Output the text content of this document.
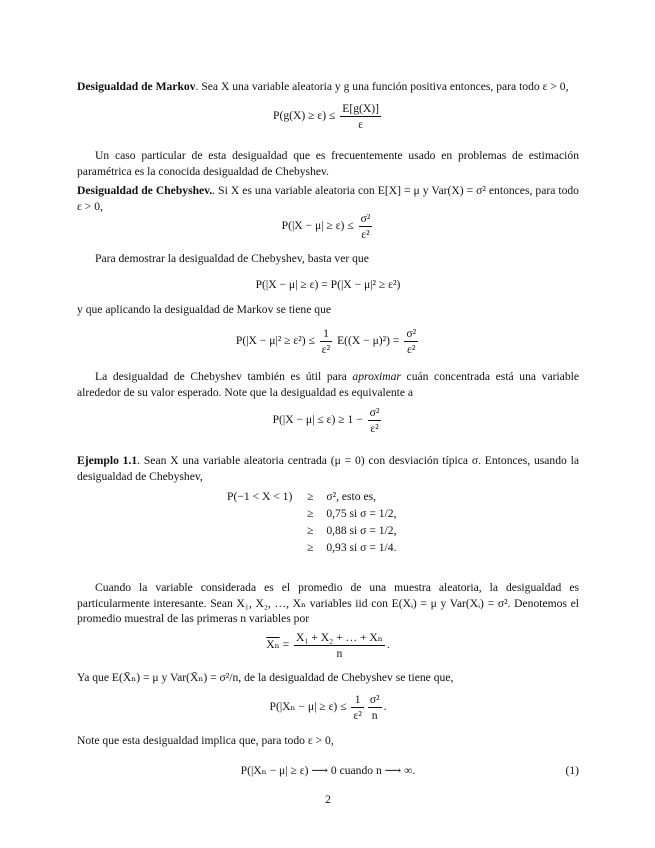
Desigualdad de Markov. Sea X una variable aleatoria y g una función positiva entonces, para todo ε > 0,

$P(g(X) \ge \varepsilon) \le \frac{E[g(X)]}{\varepsilon}$

Un caso particular de esta desigualdad que es frecuentemente usado en problemas de estimación paramétrica es la conocida desigualdad de Chebyshev.

Desigualdad de Chebyshev.. Si X es una variable aleatoria con E[X] = μ y Var(X) = σ² entonces, para todo ε > 0,

$P(|X - \mu| \ge \varepsilon) \le \frac{\text{σ²}}{\text{ε²}}$

Para demostrar la desigualdad de Chebyshev, basta ver que

P(|X − μ| ≥ ε) = P(|X − μ|² ≥ ε²)

y que aplicando la desigualdad de Markov se tiene que

$P(|X - \mu|^2 \ge \varepsilon^2) \le \frac{1}{\text{ε²}} E((X - \mu)^2) = \frac{\text{σ²}}{\text{ε²}}$

La desigualdad de Chebyshev también es útil para aproximar cuán concentrada está una variable alrededor de su valor esperado. Note que la desigualdad es equivalente a

$P(|X - \mu| \le \varepsilon) \ge 1 - \frac{\text{σ²}}{\text{ε²}}$

Ejemplo 1.1. Sean X una variable aleatoria centrada (μ = 0) con desviación típica σ. Entonces, usando la desigualdad de Chebyshev,

P(−1 < X < 1)	≥	σ², esto es,
	≥	0,75 si σ = 1/2,
	≥	0,88 si σ = 1/2,
	≥	0,93 si σ = 1/4.

Cuando la variable considerada es el promedio de una muestra aleatoria, la desigualdad es particularmente interesante. Sean X₁, X₂, …, Xₙ variables iid con E(Xᵢ) = μ y Var(Xᵢ) = σ². Denotemos el promedio muestral de las primeras n variables por

$\overline{X_n} = \frac{\text{X₁ + X₂ + … + Xₙ}}{n}$ .

Ya que E(X̄ₙ) = μ y Var(X̄ₙ) = σ²/n, de la desigualdad de Chebyshev se tiene que,

$P(|X_n - \mu| \ge \varepsilon) \le \frac{1}{\text{ε²}} \frac{\text{σ²}}{n}$ .

Note que esta desigualdad implica que, para todo ε > 0,

P(|Xₙ − μ| ≥ ε) ⟶ 0 cuando n ⟶ ∞.	(1)
2
